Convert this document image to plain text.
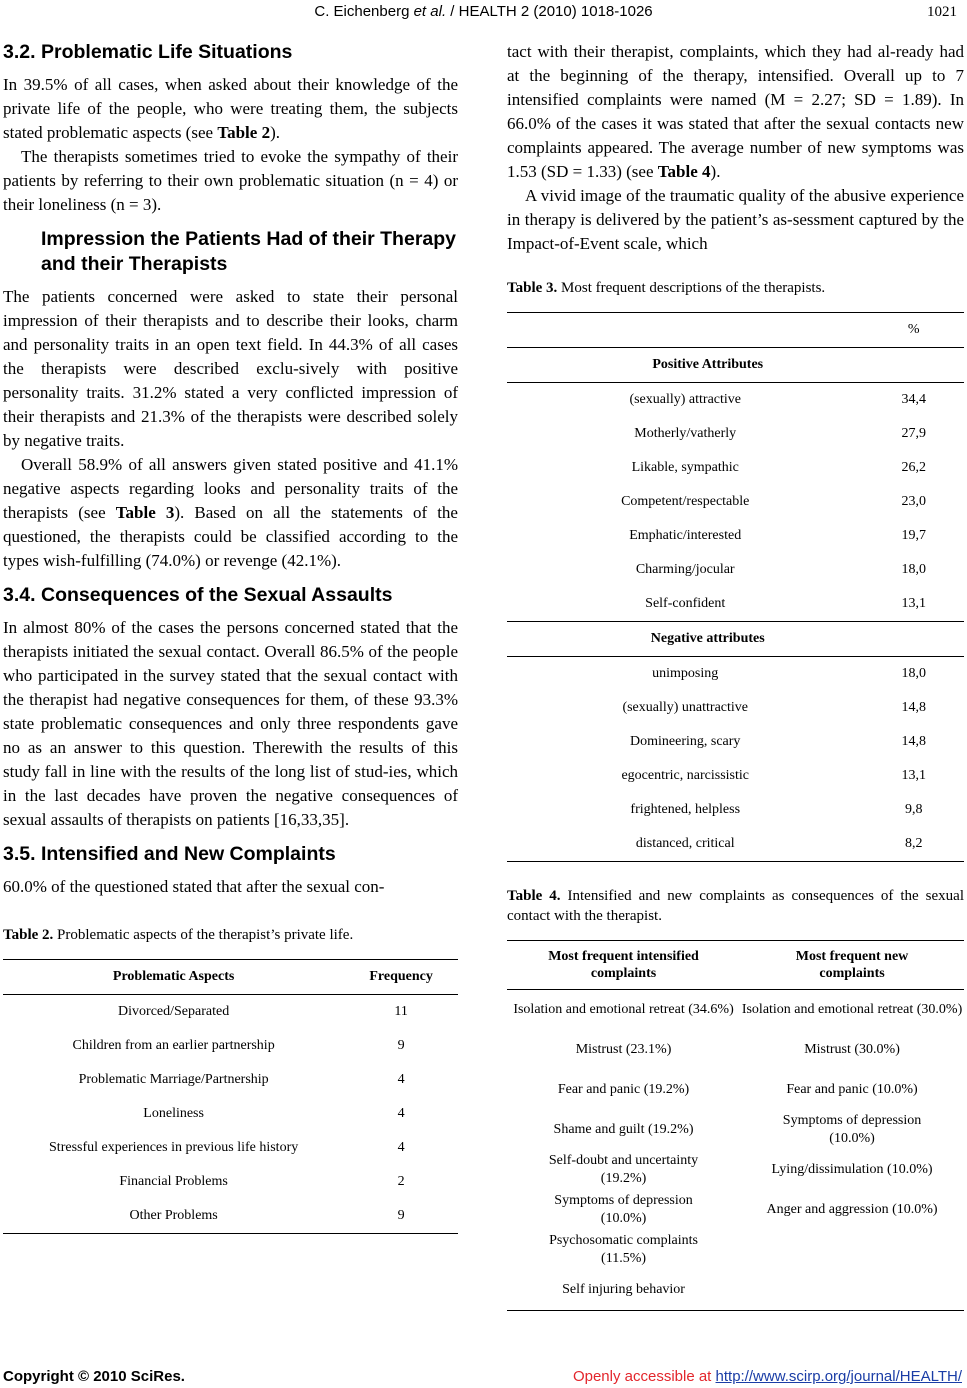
C. Eichenberg et al. / HEALTH 2 (2010) 1018-1026	1021
3.2. Problematic Life Situations

In 39.5% of all cases, when asked about their knowledge of the private life of the people, who were treating them, the subjects stated problematic aspects (see Table 2).

The therapists sometimes tried to evoke the sympathy of their patients by referring to their own problematic situation (n = 4) or their loneliness (n = 3).

Impression the Patients Had of their Therapy and their Therapists

The patients concerned were asked to state their personal impression of their therapists and to describe their looks, charm and personality traits in an open text field. In 44.3% of all cases the therapists were described exclu-sively with positive personality traits. 31.2% stated a very conflicted impression of their therapists and 21.3% of the therapists were described solely by negative traits.

Overall 58.9% of all answers given stated positive and 41.1% negative aspects regarding looks and personality traits of the therapists (see Table 3). Based on all the statements of the questioned, the therapists could be classified according to the types wish-fulfilling (74.0%) or revenge (42.1%).

3.4. Consequences of the Sexual Assaults

In almost 80% of the cases the persons concerned stated that the therapists initiated the sexual contact. Overall 86.5% of the people who participated in the survey stated that the sexual contact with the therapist had negative consequences for them, of these 93.3% state problematic consequences and only three respondents gave no as an answer to this question. Therewith the results of this study fall in line with the results of the long list of stud-ies, which in the last decades have proven the negative consequences of sexual assaults of therapists on patients [16,33,35].

3.5. Intensified and New Complaints

60.0% of the questioned stated that after the sexual con-

Table 2. Problematic aspects of the therapist’s private life.
Problematic Aspects	Frequency
Divorced/Separated	11
Children from an earlier partnership	9
Problematic Marriage/Partnership	4
Loneliness	4
Stressful experiences in previous life history	4
Financial Problems	2
Other Problems	9

tact with their therapist, complaints, which they had al-ready had at the beginning of the therapy, intensified. Overall up to 7 intensified complaints were named (M = 2.27; SD = 1.89). In 66.0% of the cases it was stated that after the sexual contacts new complaints appeared. The average number of new symptoms was 1.53 (SD = 1.33) (see Table 4).

A vivid image of the traumatic quality of the abusive experience in therapy is delivered by the patient’s as-sessment captured by the Impact-of-Event scale, which

Table 3. Most frequent descriptions of the therapists.
	%
Positive Attributes	
(sexually) attractive	34,4
Motherly/vatherly	27,9
Likable, sympathic	26,2
Competent/respectable	23,0
Emphatic/interested	19,7
Charming/jocular	18,0
Self-confident	13,1
Negative attributes	
unimposing	18,0
(sexually) unattractive	14,8
Domineering, scary	14,8
egocentric, narcissistic	13,1
frightened, helpless	9,8
distanced, critical	8,2
Table 4. Intensified and new complaints as consequences of the sexual contact with the therapist.
Most frequent intensified complaints	Most frequent new complaints
Isolation and emotional retreat (34.6%)	Isolation and emotional retreat (30.0%)
Mistrust (23.1%)	Mistrust (30.0%)
Fear and panic (19.2%)	Fear and panic (10.0%)
Shame and guilt (19.2%)	Symptoms of depression (10.0%)
Self-doubt and uncertainty (19.2%)	Lying/dissimulation (10.0%)
Symptoms of depression (10.0%)	Anger and aggression (10.0%)
Psychosomatic complaints (11.5%)	
Self injuring behavior	
Copyright © 2010 SciRes.	Openly accessible at http://www.scirp.org/journal/HEALTH/
